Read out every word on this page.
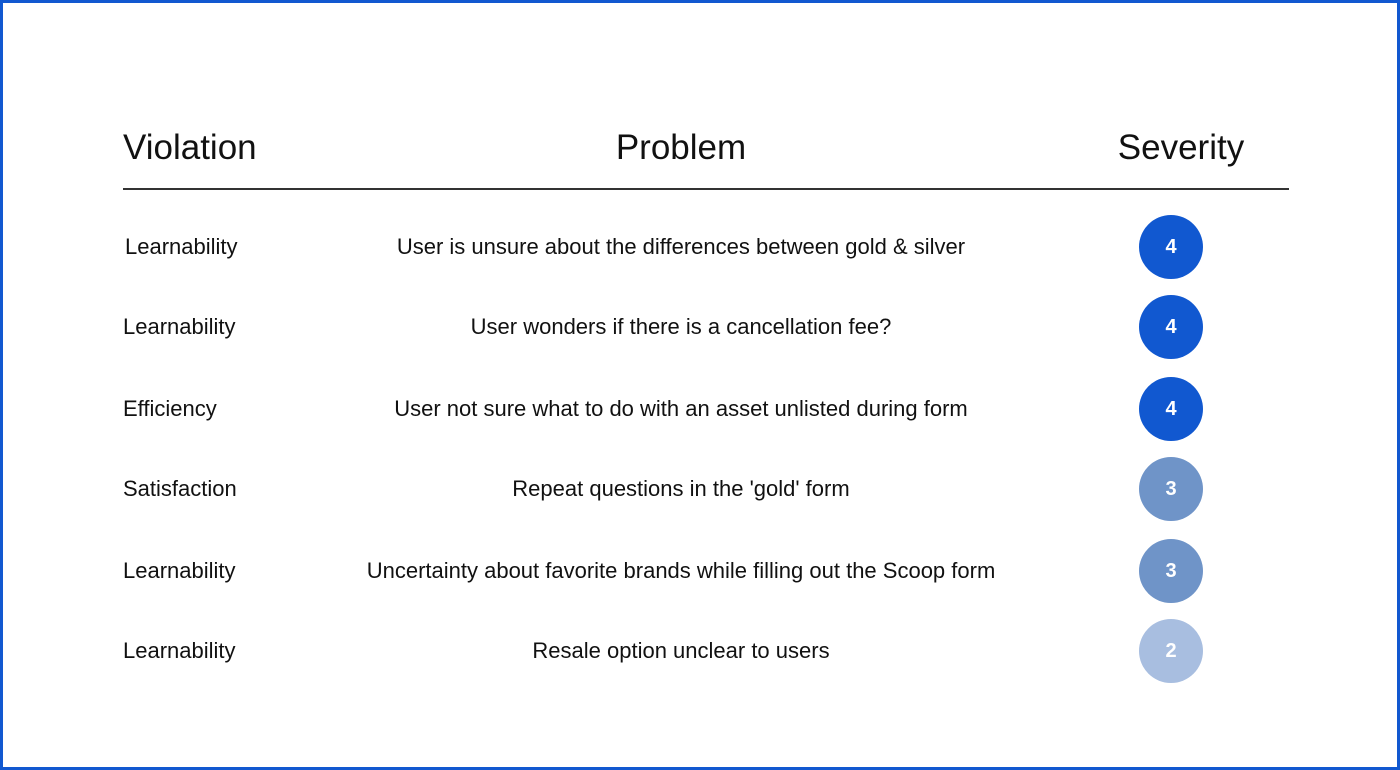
Violation	Problem	Severity
Learnability	User is unsure about the differences between gold & silver	4
Learnability	User wonders if there is a cancellation fee?	4
Efficiency	User not sure what to do with an asset unlisted during form	4
Satisfaction	Repeat questions in the 'gold' form	3
Learnability	Uncertainty about favorite brands while filling out the Scoop form	3
Learnability	Resale option unclear to users	2
